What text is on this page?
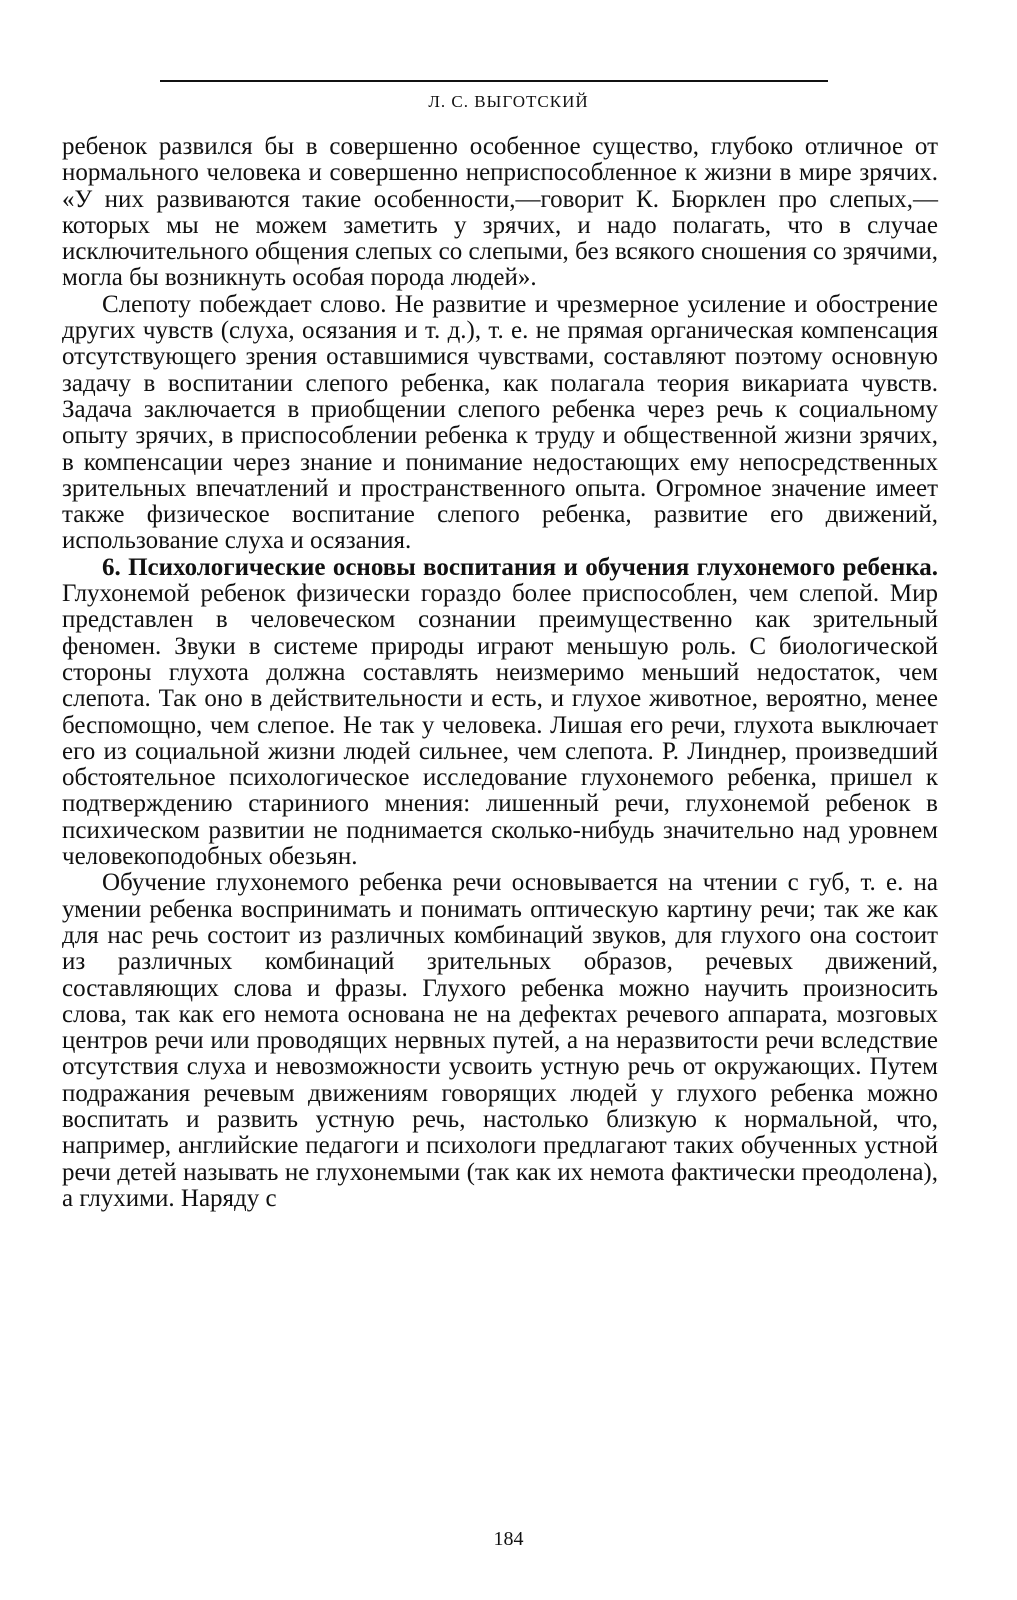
Л. С. ВЫГОТСКИЙ

ребенок развился бы в совершенно особенное существо, глубоко отличное от нормального человека и совершенно неприспособленное к жизни в мире зрячих. «У них развиваются такие особенности,—говорит К. Бюрклен про слепых,—которых мы не можем заметить у зрячих, и надо полагать, что в случае исключительного общения слепых со слепыми, без всякого сношения со зрячими, могла бы возникнуть особая порода людей».

Слепоту побеждает слово. Не развитие и чрезмерное усиление и обострение других чувств (слуха, осязания и т. д.), т. е. не прямая органическая компенсация отсутствующего зрения оставшимися чувствами, составляют поэтому основную задачу в воспитании слепого ребенка, как полагала теория викариата чувств. Задача заключается в приобщении слепого ребенка через речь к социальному опыту зрячих, в приспособлении ребенка к труду и общественной жизни зрячих, в компенсации через знание и понимание недостающих ему непосредственных зрительных впечатлений и пространственного опыта. Огромное значение имеет также физическое воспитание слепого ребенка, развитие его движений, использование слуха и осязания.

6. Психологические основы воспитания и обучения глухонемого ребенка. Глухонемой ребенок физически гораздо более приспособлен, чем слепой. Мир представлен в человеческом сознании преимущественно как зрительный феномен. Звуки в системе природы играют меньшую роль. С биологической стороны глухота должна составлять неизмеримо меньший недостаток, чем слепота. Так оно в действительности и есть, и глухое животное, вероятно, менее беспомощно, чем слепое. Не так у человека. Лишая его речи, глухота выключает его из социальной жизни людей сильнее, чем слепота. Р. Линднер, произведший обстоятельное психологическое исследование глухонемого ребенка, пришел к подтверждению стариниого мнения: лишенный речи, глухонемой ребенок в психическом развитии не поднимается сколько-нибудь значительно над уровнем человекоподобных обезьян.

Обучение глухонемого ребенка речи основывается на чтении с губ, т. е. на умении ребенка воспринимать и понимать оптическую картину речи; так же как для нас речь состоит из различных комбинаций звуков, для глухого она состоит из различных комбинаций зрительных образов, речевых движений, составляющих слова и фразы. Глухого ребенка можно научить произносить слова, так как его немота основана не на дефектах речевого аппарата, мозговых центров речи или проводящих нервных путей, а на неразвитости речи вследствие отсутствия слуха и невозможности усвоить устную речь от окружающих. Путем подражания речевым движениям говорящих людей у глухого ребенка можно воспитать и развить устную речь, настолько близкую к нормальной, что, например, английские педагоги и психологи предлагают таких обученных устной речи детей называть не глухонемыми (так как их немота фактически преодолена), а глухими. Наряду с

184
